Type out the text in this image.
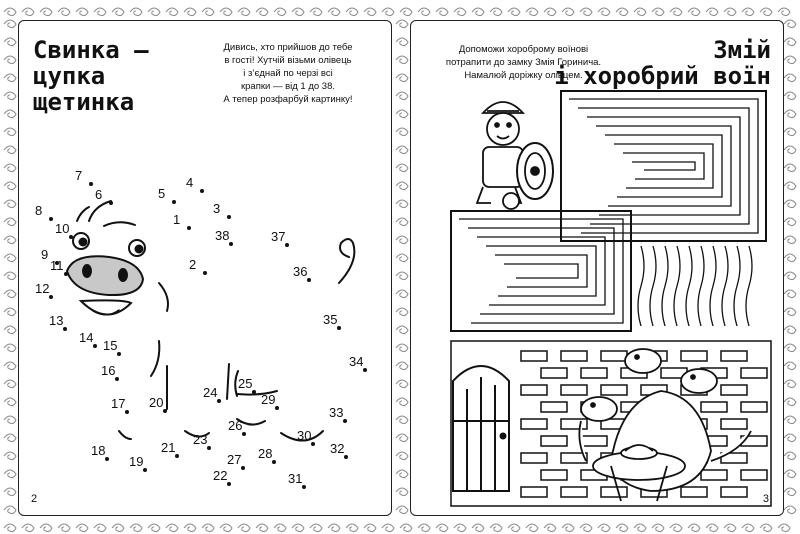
Свинка –
цупка
щетинка
Дивись, хто прийшов до тебе
в гості! Хутчій візьми олівець
і з’єднай по черзі всі
крапки — від 1 до 38.
А тепер розфарбуй картинку!
1
2
3
4
5
6
7
8
9
10
11
12
13
14
15
16
17
18
19
20
21
22
23
24
25
26
27 28
29
30
31
32
33
34
35
36
37
38
2
Допоможи хороброму воїнові
потрапити до замку Змія Горинича.
Намалюй доріжку олівцем.
Змій
і хоробрий воїн
3
